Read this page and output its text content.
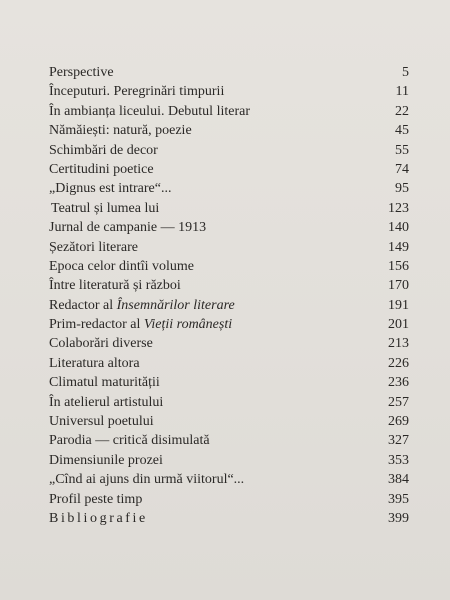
Perspective	5
Începuturi. Peregrinări timpurii	11
În ambianța liceului. Debutul literar	22
Nămăiești: natură, poezie	45
Schimbări de decor	55
Certitudini poetice	74
„Dignus est intrare“...	95
Teatrul și lumea lui	123
Jurnal de campanie — 1913	140
Șezători literare	149
Epoca celor dintîi volume	156
Între literatură și război	170
Redactor al Însemnărilor literare	191
Prim-redactor al Vieții românești	201
Colaborări diverse	213
Literatura altora	226
Climatul maturității	236
În atelierul artistului	257
Universul poetului	269
Parodia — critică disimulată	327
Dimensiunile prozei	353
„Cînd ai ajuns din urmă viitorul“...	384
Profil peste timp	395
Bibliografie	399
